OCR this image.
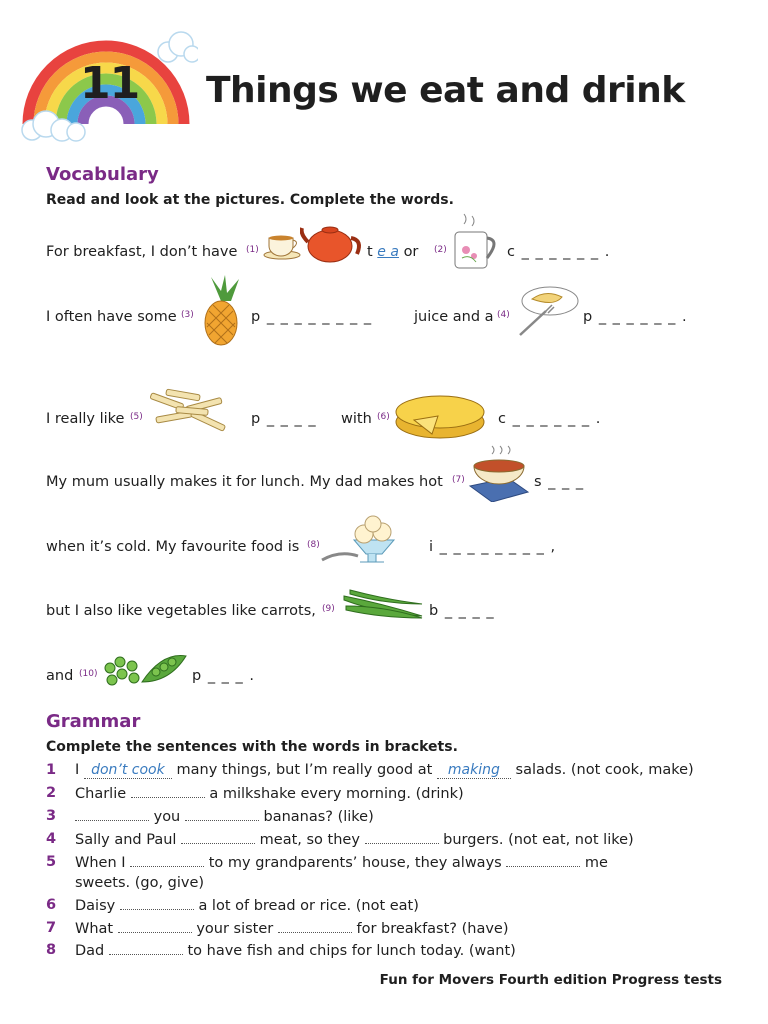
11 Things we eat and drink
Vocabulary
Read and look at the pictures. Complete the words.
For breakfast, I don’t have (1)	t e a or (2)	c _ _ _ _ _ _ .
I often have some (3)	p _ _ _ _ _ _ _ _	juice and a (4)	p _ _ _ _ _ _ .
I really like (5)	p _ _ _ _ with (6)	c _ _ _ _ _ _ .
My mum usually makes it for lunch. My dad makes hot (7)	s _ _ _
when it’s cold. My favourite food is (8)	i _ _ _ _ _ _ _ _ ,
but I also like vegetables like carrots, (9)	b _ _ _ _
and (10)	p _ _ _ .
Grammar
Complete the sentences with the words in brackets.
1 I don’t cook many things, but I’m really good at making salads. (not cook, make)
2 Charlie	a milkshake every morning. (drink)
3	you	bananas? (like)
4 Sally and Paul	meat, so they	burgers. (not eat, not like)
5 When I	to my grandparents’ house, they always	me
sweets. (go, give)
6 Daisy	a lot of bread or rice. (not eat)
7 What	your sister	for breakfast? (have)
8 Dad	to have fish and chips for lunch today. (want)
Fun for Movers Fourth edition Progress tests
